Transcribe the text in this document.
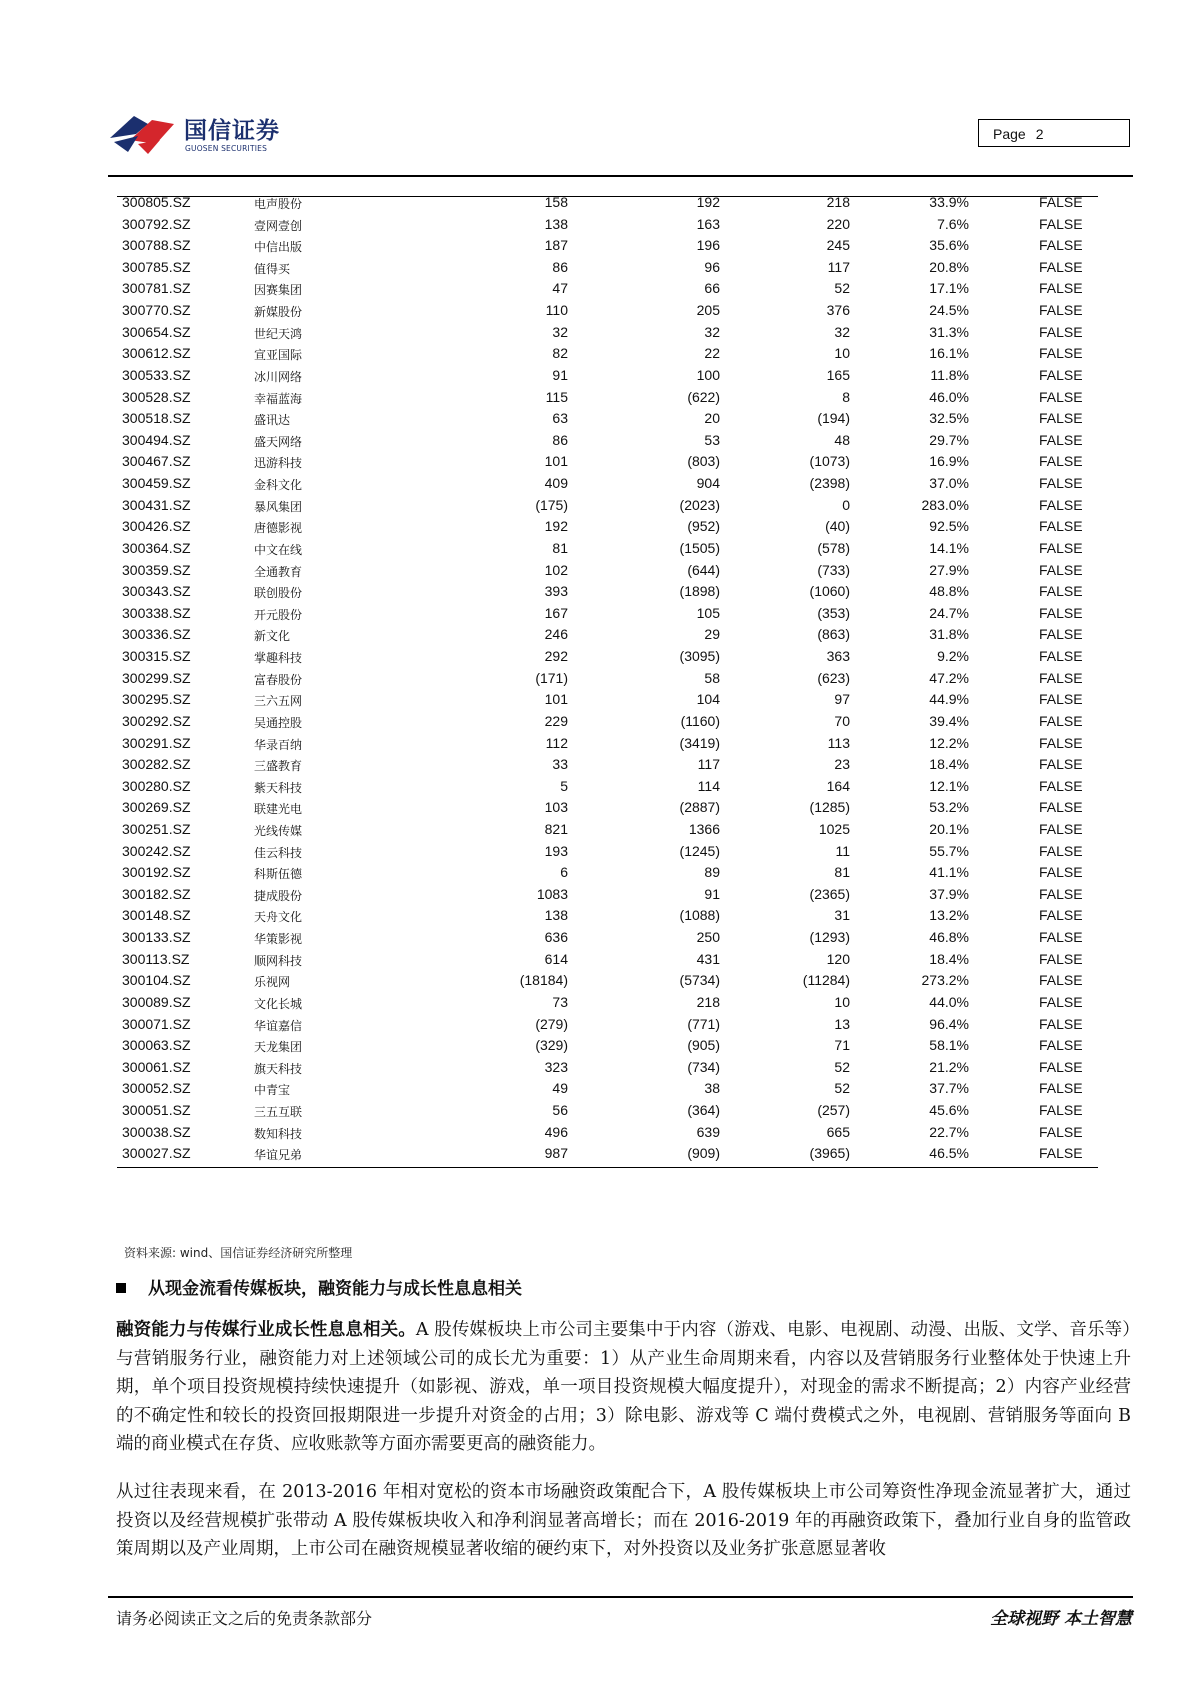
国信证券
GUOSEN SECURITIES
Page 2
300805.SZ	电声股份	158	192	218	33.9%	FALSE
300792.SZ	壹网壹创	138	163	220	7.6%	FALSE
300788.SZ	中信出版	187	196	245	35.6%	FALSE
300785.SZ	值得买	86	96	117	20.8%	FALSE
300781.SZ	因赛集团	47	66	52	17.1%	FALSE
300770.SZ	新媒股份	110	205	376	24.5%	FALSE
300654.SZ	世纪天鸿	32	32	32	31.3%	FALSE
300612.SZ	宣亚国际	82	22	10	16.1%	FALSE
300533.SZ	冰川网络	91	100	165	11.8%	FALSE
300528.SZ	幸福蓝海	115	(622)	8	46.0%	FALSE
300518.SZ	盛讯达	63	20	(194)	32.5%	FALSE
300494.SZ	盛天网络	86	53	48	29.7%	FALSE
300467.SZ	迅游科技	101	(803)	(1073)	16.9%	FALSE
300459.SZ	金科文化	409	904	(2398)	37.0%	FALSE
300431.SZ	暴风集团	(175)	(2023)	0	283.0%	FALSE
300426.SZ	唐德影视	192	(952)	(40)	92.5%	FALSE
300364.SZ	中文在线	81	(1505)	(578)	14.1%	FALSE
300359.SZ	全通教育	102	(644)	(733)	27.9%	FALSE
300343.SZ	联创股份	393	(1898)	(1060)	48.8%	FALSE
300338.SZ	开元股份	167	105	(353)	24.7%	FALSE
300336.SZ	新文化	246	29	(863)	31.8%	FALSE
300315.SZ	掌趣科技	292	(3095)	363	9.2%	FALSE
300299.SZ	富春股份	(171)	58	(623)	47.2%	FALSE
300295.SZ	三六五网	101	104	97	44.9%	FALSE
300292.SZ	吴通控股	229	(1160)	70	39.4%	FALSE
300291.SZ	华录百纳	112	(3419)	113	12.2%	FALSE
300282.SZ	三盛教育	33	117	23	18.4%	FALSE
300280.SZ	紫天科技	5	114	164	12.1%	FALSE
300269.SZ	联建光电	103	(2887)	(1285)	53.2%	FALSE
300251.SZ	光线传媒	821	1366	1025	20.1%	FALSE
300242.SZ	佳云科技	193	(1245)	11	55.7%	FALSE
300192.SZ	科斯伍德	6	89	81	41.1%	FALSE
300182.SZ	捷成股份	1083	91	(2365)	37.9%	FALSE
300148.SZ	天舟文化	138	(1088)	31	13.2%	FALSE
300133.SZ	华策影视	636	250	(1293)	46.8%	FALSE
300113.SZ	顺网科技	614	431	120	18.4%	FALSE
300104.SZ	乐视网	(18184)	(5734)	(11284)	273.2%	FALSE
300089.SZ	文化长城	73	218	10	44.0%	FALSE
300071.SZ	华谊嘉信	(279)	(771)	13	96.4%	FALSE
300063.SZ	天龙集团	(329)	(905)	71	58.1%	FALSE
300061.SZ	旗天科技	323	(734)	52	21.2%	FALSE
300052.SZ	中青宝	49	38	52	37.7%	FALSE
300051.SZ	三五互联	56	(364)	(257)	45.6%	FALSE
300038.SZ	数知科技	496	639	665	22.7%	FALSE
300027.SZ	华谊兄弟	987	(909)	(3965)	46.5%	FALSE
资料来源: wind、国信证券经济研究所整理
从现金流看传媒板块，融资能力与成长性息息相关
融资能力与传媒行业成长性息息相关。A 股传媒板块上市公司主要集中于内容（游戏、电影、电视剧、动漫、出版、文学、音乐等）与营销服务行业，融资能力对上述领域公司的成长尤为重要：1）从产业生命周期来看，内容以及营销服务行业整体处于快速上升期，单个项目投资规模持续快速提升（如影视、游戏，单一项目投资规模大幅度提升），对现金的需求不断提高；2）内容产业经营的不确定性和较长的投资回报期限进一步提升对资金的占用；3）除电影、游戏等 C 端付费模式之外，电视剧、营销服务等面向 B 端的商业模式在存货、应收账款等方面亦需要更高的融资能力。
从过往表现来看，在 2013-2016 年相对宽松的资本市场融资政策配合下，A 股传媒板块上市公司筹资性净现金流显著扩大，通过投资以及经营规模扩张带动 A 股传媒板块收入和净利润显著高增长；而在 2016-2019 年的再融资政策下，叠加行业自身的监管政策周期以及产业周期，上市公司在融资规模显著收缩的硬约束下，对外投资以及业务扩张意愿显著收
请务必阅读正文之后的免责条款部分	全球视野 本土智慧
